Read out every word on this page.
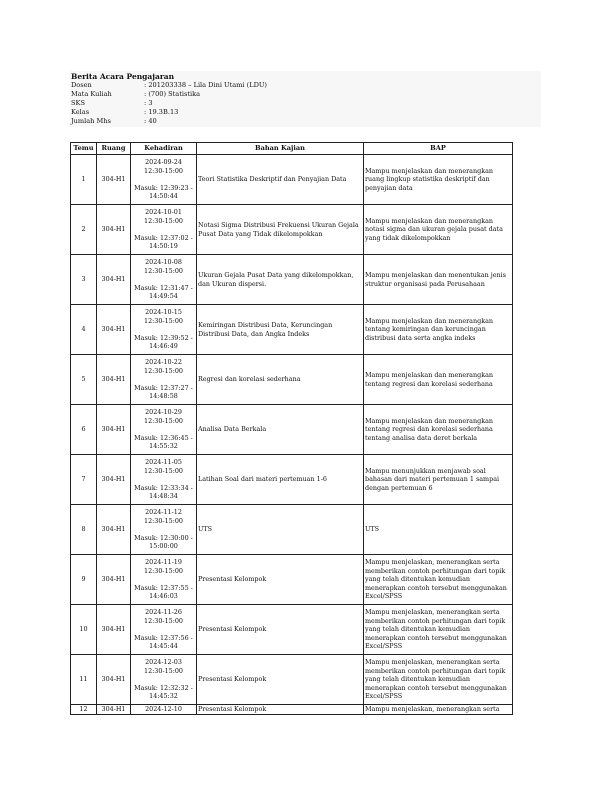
Berita Acara Pengajaran
Dosen	: 201203338 – Lila Dini Utami (LDU)
Mata Kuliah	: (700) Statistika
SKS	: 3
Kelas	: 19.3B.13
Jumlah Mhs	: 40
Temu	Ruang	Kehadiran	Bahan Kajian	BAP
1	304-H1	2024-09-24
12:30-15:00
Masuk: 12:39:23 - 14:50:44	Teori Statistika Deskriptif dan Penyajian Data	Mampu menjelaskan dan menerangkan ruang lingkup statistika deskriptif dan penyajian data
2	304-H1	2024-10-01
12:30-15:00
Masuk: 12:37:02 - 14:50:19	Notasi Sigma Distribusi Frekuensi Ukuran Gejala Pusat Data yang Tidak dikelompokkan	Mampu menjelaskan dan menerangkan notasi sigma dan ukuran gejala pusat data yang tidak dikelompokkan
3	304-H1	2024-10-08
12:30-15:00
Masuk: 12:31:47 - 14:49:54	Ukuran Gejala Pusat Data yang dikelompokkan, dan Ukuran dispersi.	Mampu menjelaskan dan menentukan jenis struktur organisasi pada Perusahaan
4	304-H1	2024-10-15
12:30-15:00
Masuk: 12:39:52 - 14:46:49	Kemiringan Distribusi Data, Keruncingan Distribusi Data, dan Angka Indeks	Mampu menjelaskan dan menerangkan tentang kemiringan dan keruncingan distribusi data serta angka indeks
5	304-H1	2024-10-22
12:30-15:00
Masuk: 12:37:27 - 14:48:58	Regresi dan korelasi sederhana	Mampu menjelaskan dan menerangkan tentang regresi dan korelasi sederhana
6	304-H1	2024-10-29
12:30-15:00
Masuk: 12:36:45 - 14:55:32	Analisa Data Berkala	Mampu menjelaskan dan menerangkan tentang regresi dan korelasi sederhana tentang analisa data deret berkala
7	304-H1	2024-11-05
12:30-15:00
Masuk: 12:33:34 - 14:48:34	Latihan Soal dari materi pertemuan 1-6	Mampu menunjukkan menjawab soal bahasan dari materi pertemuan 1 sampai dengan pertemuan 6
8	304-H1	2024-11-12
12:30-15:00
Masuk: 12:30:00 - 15:00:00	UTS	UTS
9	304-H1	2024-11-19
12:30-15:00
Masuk: 12:37:55 - 14:46:03	Presentasi Kelompok	Mampu menjelaskan, menerangkan serta memberikan contoh perhitungan dari topik yang telah ditentukan kemudian menerapkan contoh tersebut menggunakan Excel/SPSS
10	304-H1	2024-11-26
12:30-15:00
Masuk: 12:37:56 - 14:45:44	Presentasi Kelompok	Mampu menjelaskan, menerangkan serta memberikan contoh perhitungan dari topik yang telah ditentukan kemudian menerapkan contoh tersebut menggunakan Excel/SPSS
11	304-H1	2024-12-03
12:30-15:00
Masuk: 12:32:32 - 14:45:32	Presentasi Kelompok	Mampu menjelaskan, menerangkan serta memberikan contoh perhitungan dari topik yang telah ditentukan kemudian menerapkan contoh tersebut menggunakan Excel/SPSS
12	304-H1	2024-12-10	Presentasi Kelompok	Mampu menjelaskan, menerangkan serta
